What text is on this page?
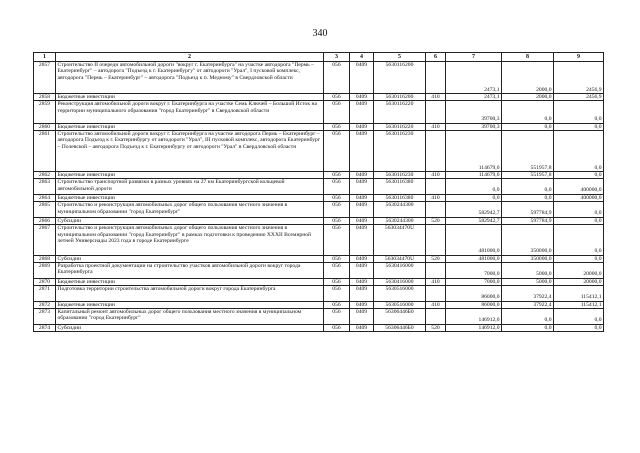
340
1	2	3	4	5	6	7	8	9
2857	Строительство II очереди автомобильной дороги "вокруг г. Екатеринбурга" на участке автодорога "Пермь – Екатеринбург" – автодорога "Подъезд к г. Екатеринбургу" от автодороги "Урал", I пусковой комплекс, автодорога "Пермь – Екатеринбург" – автодорога "Подъезд к п. Медному" в Свердловской области	056	0409	5630116200		2473,1	2000,0	2456,9
2858	Бюджетные инвестиции	056	0409	5630116200	410	2473,1	2000,0	2456,9
2859	Реконструкция автомобильной дороги вокруг г. Екатеринбурга на участке Семь Ключей – Большой Исток на территории муниципального образования "город Екатеринбург" в Свердловской области	056	0409	5630116220		39700,3	0,0	0,0
2860	Бюджетные инвестиции	056	0409	5630116220	410	39700,3	0,0	0,0
2861	Строительство автомобильной дороги вокруг г. Екатеринбурга на участке автодорога Пермь – Екатеринбург – автодорога Подъезд к г. Екатеринбургу от автодороги "Урал", III пусковой комплекс, автодорога Екатеринбург – Полевской – автодорога Подъезд к г. Екатеринбургу от автодороги "Урал" в Свердловской области	056	0409	5630116230		114679,0	551957,8	0,0
2862	Бюджетные инвестиции	056	0409	5630116230	410	114679,0	551957,8	0,0
2863	Строительство транспортной развязки в разных уровнях на 27 км Екатеринбургской кольцевой автомобильной дороги	056	0409	5630116380		0,0	0,0	400000,0
2864	Бюджетные инвестиции	056	0409	5630116380	410	0,0	0,0	400000,0
2865	Строительство и реконструкция автомобильных дорог общего пользования местного значения в муниципальном образовании "город Екатеринбург"	056	0409	5630244300		582942,7	597784,9	0,0
2866	Субсидии	056	0409	5630244300	520	582942,7	597784,9	0,0
2867	Строительство и реконструкция автомобильных дорог общего пользования местного значения в муниципальном образовании "город Екатеринбург" в рамках подготовки к проведению XXXII Всемирной летней Универсиады 2023 года в городе Екатеринбурге	056	0409	563034470U		481000,0	350000,0	0,0
2868	Субсидии	056	0409	563034470U	520	481000,0	350000,0	0,0
2869	Разработка проектной документации на строительство участков автомобильной дороги вокруг города Екатеринбурга	056	0409	5630416000		7000,0	5000,0	20000,0
2870	Бюджетные инвестиции	056	0409	5630416000	410	7000,0	5000,0	20000,0
2871	Подготовка территории строительства автомобильной дороги вокруг города Екатеринбурга	056	0409	5630516000		86000,0	37922,4	115412,1
2872	Бюджетные инвестиции	056	0409	5630516000	410	86000,0	37922,4	115412,1
2873	Капитальный ремонт автомобильных дорог общего пользования местного значения в муниципальном образовании "город Екатеринбург"	056	0409	56306446Б0		146912,0	0,0	0,0
2874	Субсидии	056	0409	56306446Б0	520	146912,0	0,0	0,0
